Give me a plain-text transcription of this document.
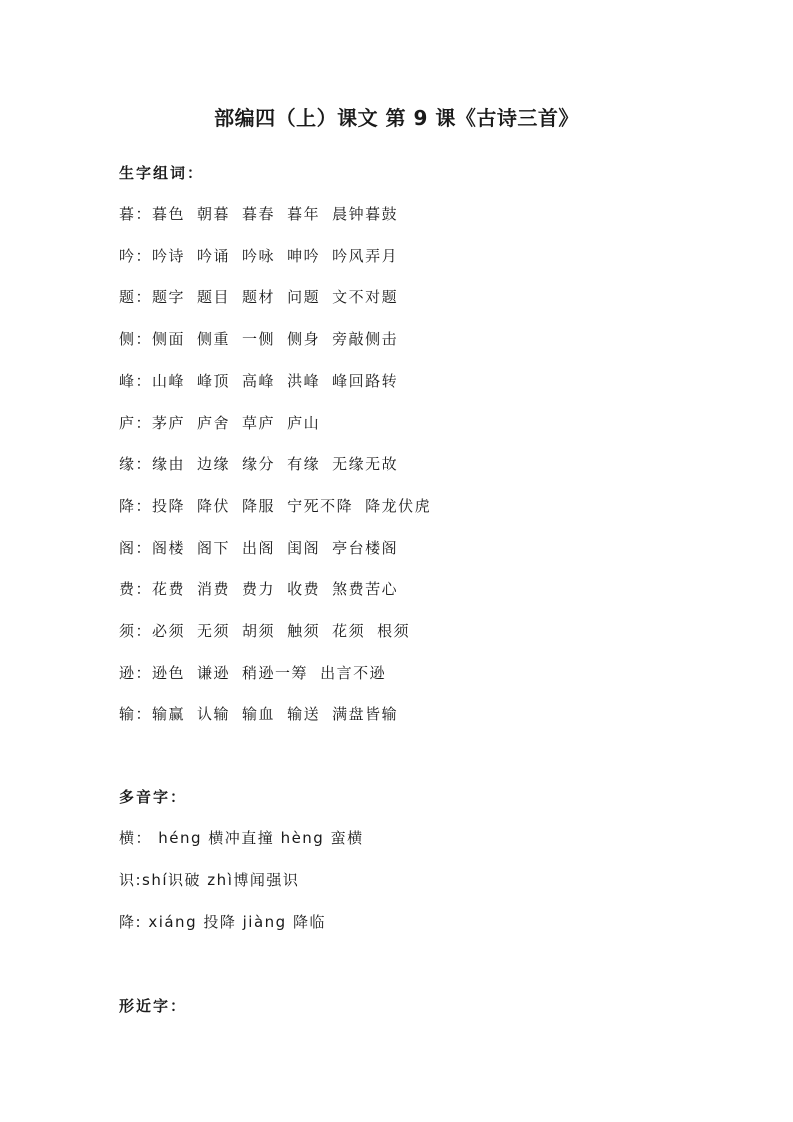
部编四（上）课文 第 9 课《古诗三首》
生字组词：
暮：暮色 朝暮 暮春 暮年 晨钟暮鼓
吟：吟诗 吟诵 吟咏 呻吟 吟风弄月
题：题字 题目 题材 问题 文不对题
侧：侧面 侧重 一侧 侧身 旁敲侧击
峰：山峰 峰顶 高峰 洪峰 峰回路转
庐：茅庐 庐舍 草庐 庐山
缘：缘由 边缘 缘分 有缘 无缘无故
降：投降 降伏 降服 宁死不降 降龙伏虎
阁：阁楼 阁下 出阁 闺阁 亭台楼阁
费：花费 消费 费力 收费 煞费苦心
须：必须 无须 胡须 触须 花须 根须
逊：逊色 谦逊 稍逊一筹 出言不逊
输：输赢 认输 输血 输送 满盘皆输
多音字：
横： héng 横冲直撞 hèng 蛮横
识:shí识破 zhì博闻强识
降: xiáng 投降 jiàng 降临
形近字：
